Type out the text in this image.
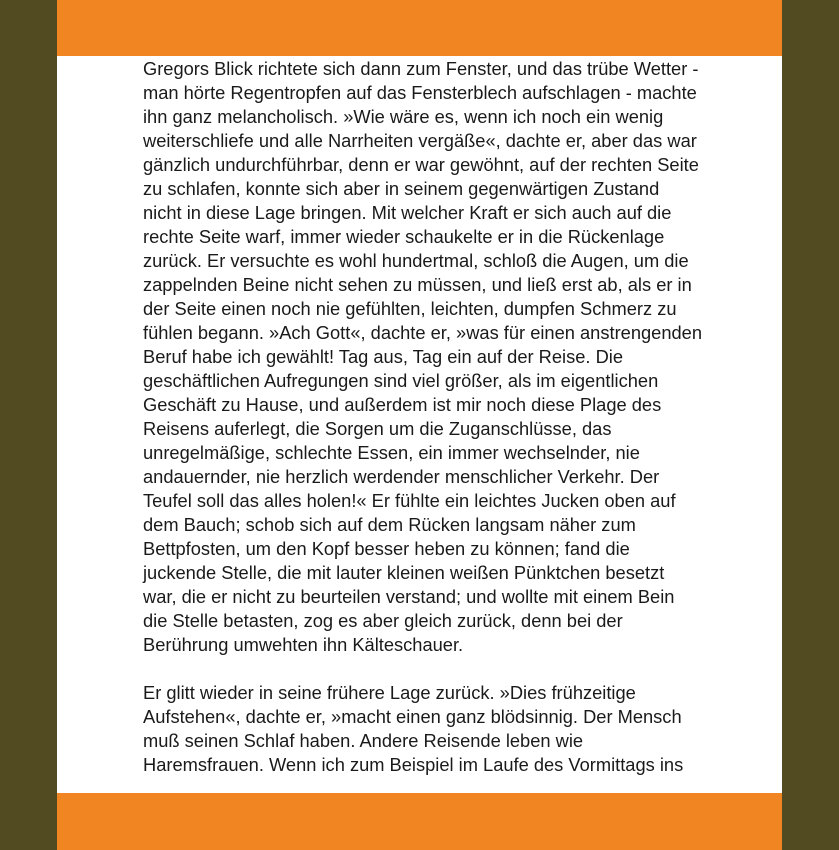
Gregors Blick richtete sich dann zum Fenster, und das trübe Wetter -
man hörte Regentropfen auf das Fensterblech aufschlagen - machte
ihn ganz melancholisch. »Wie wäre es, wenn ich noch ein wenig
weiterschliefe und alle Narrheiten vergäße«, dachte er, aber das war
gänzlich undurchführbar, denn er war gewöhnt, auf der rechten Seite
zu schlafen, konnte sich aber in seinem gegenwärtigen Zustand
nicht in diese Lage bringen. Mit welcher Kraft er sich auch auf die
rechte Seite warf, immer wieder schaukelte er in die Rückenlage
zurück. Er versuchte es wohl hundertmal, schloß die Augen, um die
zappelnden Beine nicht sehen zu müssen, und ließ erst ab, als er in
der Seite einen noch nie gefühlten, leichten, dumpfen Schmerz zu
fühlen begann. »Ach Gott«, dachte er, »was für einen anstrengenden
Beruf habe ich gewählt! Tag aus, Tag ein auf der Reise. Die
geschäftlichen Aufregungen sind viel größer, als im eigentlichen
Geschäft zu Hause, und außerdem ist mir noch diese Plage des
Reisens auferlegt, die Sorgen um die Zuganschlüsse, das
unregelmäßige, schlechte Essen, ein immer wechselnder, nie
andauernder, nie herzlich werdender menschlicher Verkehr. Der
Teufel soll das alles holen!« Er fühlte ein leichtes Jucken oben auf
dem Bauch; schob sich auf dem Rücken langsam näher zum
Bettpfosten, um den Kopf besser heben zu können; fand die
juckende Stelle, die mit lauter kleinen weißen Pünktchen besetzt
war, die er nicht zu beurteilen verstand; und wollte mit einem Bein
die Stelle betasten, zog es aber gleich zurück, denn bei der
Berührung umwehten ihn Kälteschauer.

Er glitt wieder in seine frühere Lage zurück. »Dies frühzeitige
Aufstehen«, dachte er, »macht einen ganz blödsinnig. Der Mensch
muß seinen Schlaf haben. Andere Reisende leben wie
Haremsfrauen. Wenn ich zum Beispiel im Laufe des Vormittags ins
